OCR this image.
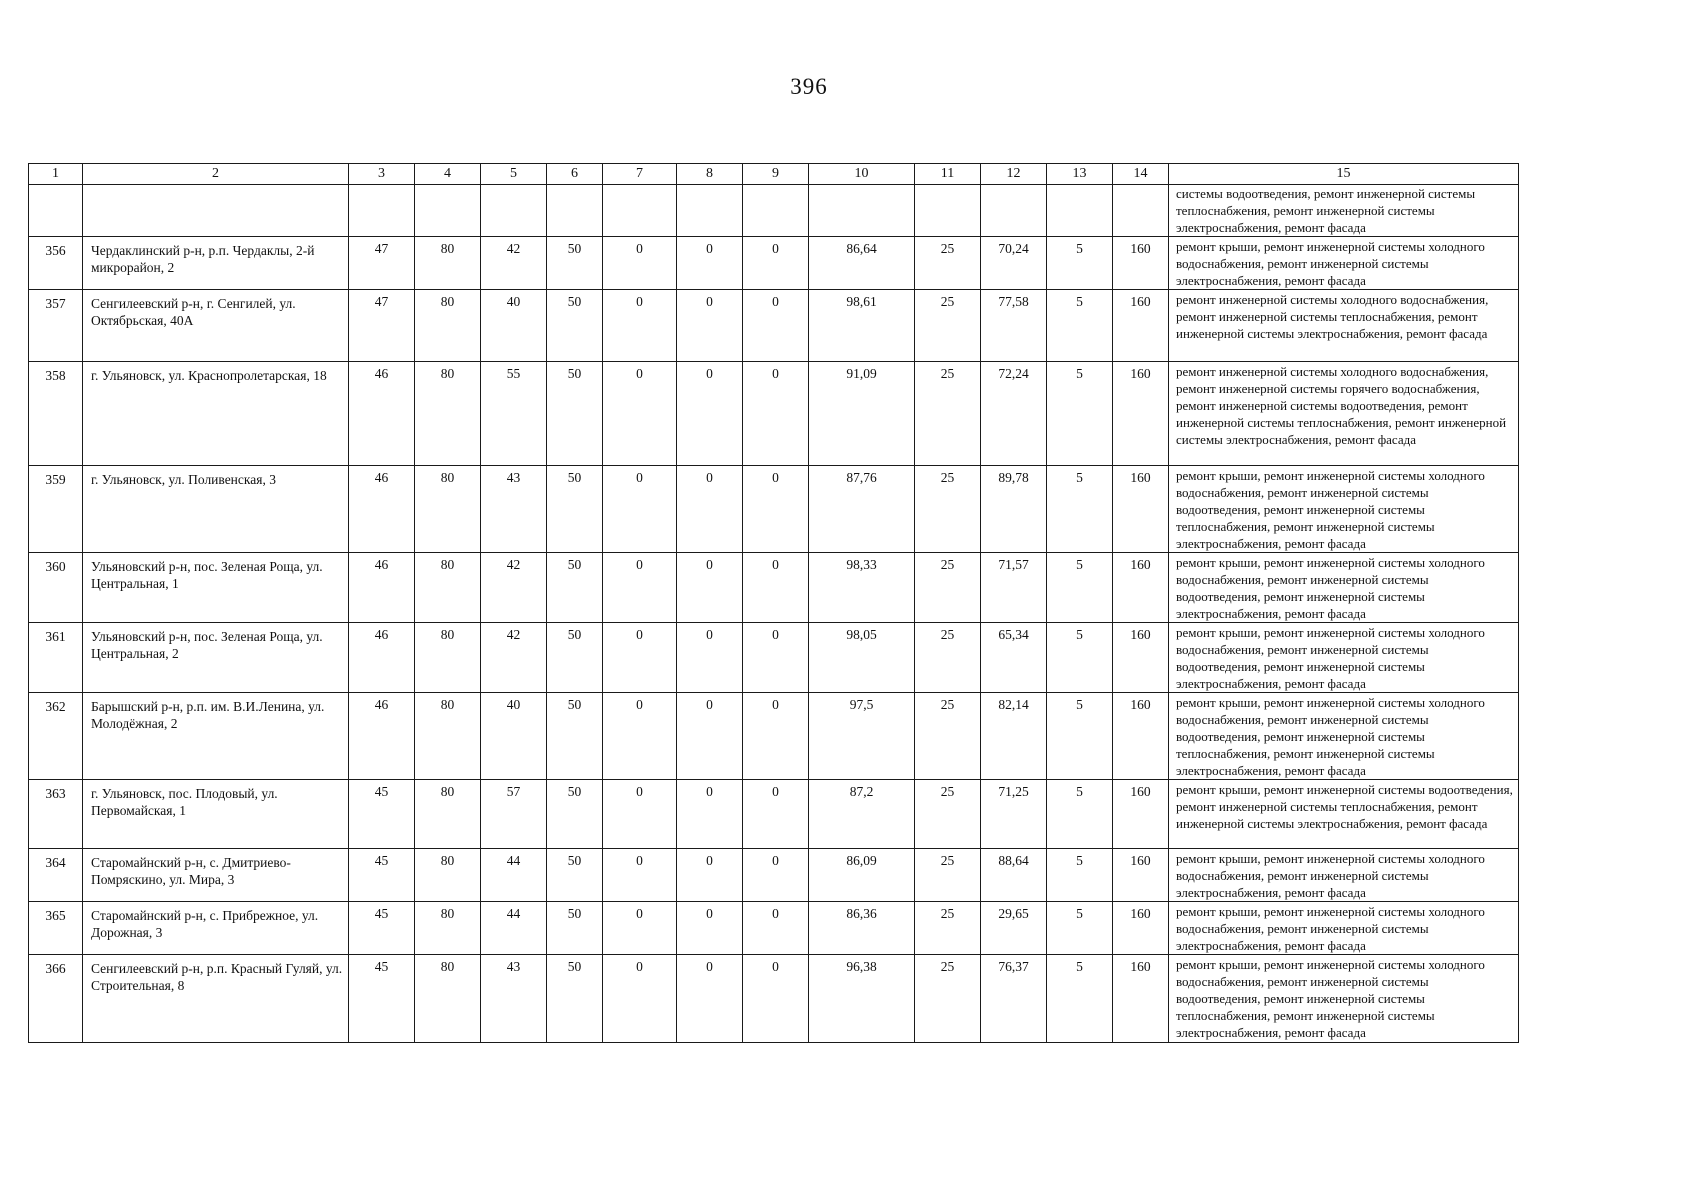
396
1	2	3	4	5	6	7	8	9	10	11	12	13	14	15
														системы водоотведения, ремонт инженерной системы теплоснабжения, ремонт инженерной системы электроснабжения, ремонт фасада
356	Чердаклинский р-н, р.п. Чердаклы, 2-й микрорайон, 2	47	80	42	50	0	0	0	86,64	25	70,24	5	160	ремонт крыши, ремонт инженерной системы холодного водоснабжения, ремонт инженерной системы электроснабжения, ремонт фасада
357	Сенгилеевский р-н, г. Сенгилей, ул. Октябрьская, 40А	47	80	40	50	0	0	0	98,61	25	77,58	5	160	ремонт инженерной системы холодного водоснабжения, ремонт инженерной системы теплоснабжения, ремонт инженерной системы электроснабжения, ремонт фасада
358	г. Ульяновск, ул. Краснопролетарская, 18	46	80	55	50	0	0	0	91,09	25	72,24	5	160	ремонт инженерной системы холодного водоснабжения, ремонт инженерной системы горячего водоснабжения, ремонт инженерной системы водоотведения, ремонт инженерной системы теплоснабжения, ремонт инженерной системы электроснабжения, ремонт фасада
359	г. Ульяновск, ул. Поливенская, 3	46	80	43	50	0	0	0	87,76	25	89,78	5	160	ремонт крыши, ремонт инженерной системы холодного водоснабжения, ремонт инженерной системы водоотведения, ремонт инженерной системы теплоснабжения, ремонт инженерной системы электроснабжения, ремонт фасада
360	Ульяновский р-н, пос. Зеленая Роща, ул. Центральная, 1	46	80	42	50	0	0	0	98,33	25	71,57	5	160	ремонт крыши, ремонт инженерной системы холодного водоснабжения, ремонт инженерной системы водоотведения, ремонт инженерной системы электроснабжения, ремонт фасада
361	Ульяновский р-н, пос. Зеленая Роща, ул. Центральная, 2	46	80	42	50	0	0	0	98,05	25	65,34	5	160	ремонт крыши, ремонт инженерной системы холодного водоснабжения, ремонт инженерной системы водоотведения, ремонт инженерной системы электроснабжения, ремонт фасада
362	Барышский р-н, р.п. им. В.И.Ленина, ул. Молодёжная, 2	46	80	40	50	0	0	0	97,5	25	82,14	5	160	ремонт крыши, ремонт инженерной системы холодного водоснабжения, ремонт инженерной системы водоотведения, ремонт инженерной системы теплоснабжения, ремонт инженерной системы электроснабжения, ремонт фасада
363	г. Ульяновск, пос. Плодовый, ул. Первомайская, 1	45	80	57	50	0	0	0	87,2	25	71,25	5	160	ремонт крыши, ремонт инженерной системы водоотведения, ремонт инженерной системы теплоснабжения, ремонт инженерной системы электроснабжения, ремонт фасада
364	Старомайнский р-н, с. Дмитриево-Помряскино, ул. Мира, 3	45	80	44	50	0	0	0	86,09	25	88,64	5	160	ремонт крыши, ремонт инженерной системы холодного водоснабжения, ремонт инженерной системы электроснабжения, ремонт фасада
365	Старомайнский р-н, с. Прибрежное, ул. Дорожная, 3	45	80	44	50	0	0	0	86,36	25	29,65	5	160	ремонт крыши, ремонт инженерной системы холодного водоснабжения, ремонт инженерной системы электроснабжения, ремонт фасада
366	Сенгилеевский р-н, р.п. Красный Гуляй, ул. Строительная, 8	45	80	43	50	0	0	0	96,38	25	76,37	5	160	ремонт крыши, ремонт инженерной системы холодного водоснабжения, ремонт инженерной системы водоотведения, ремонт инженерной системы теплоснабжения, ремонт инженерной системы электроснабжения, ремонт фасада
